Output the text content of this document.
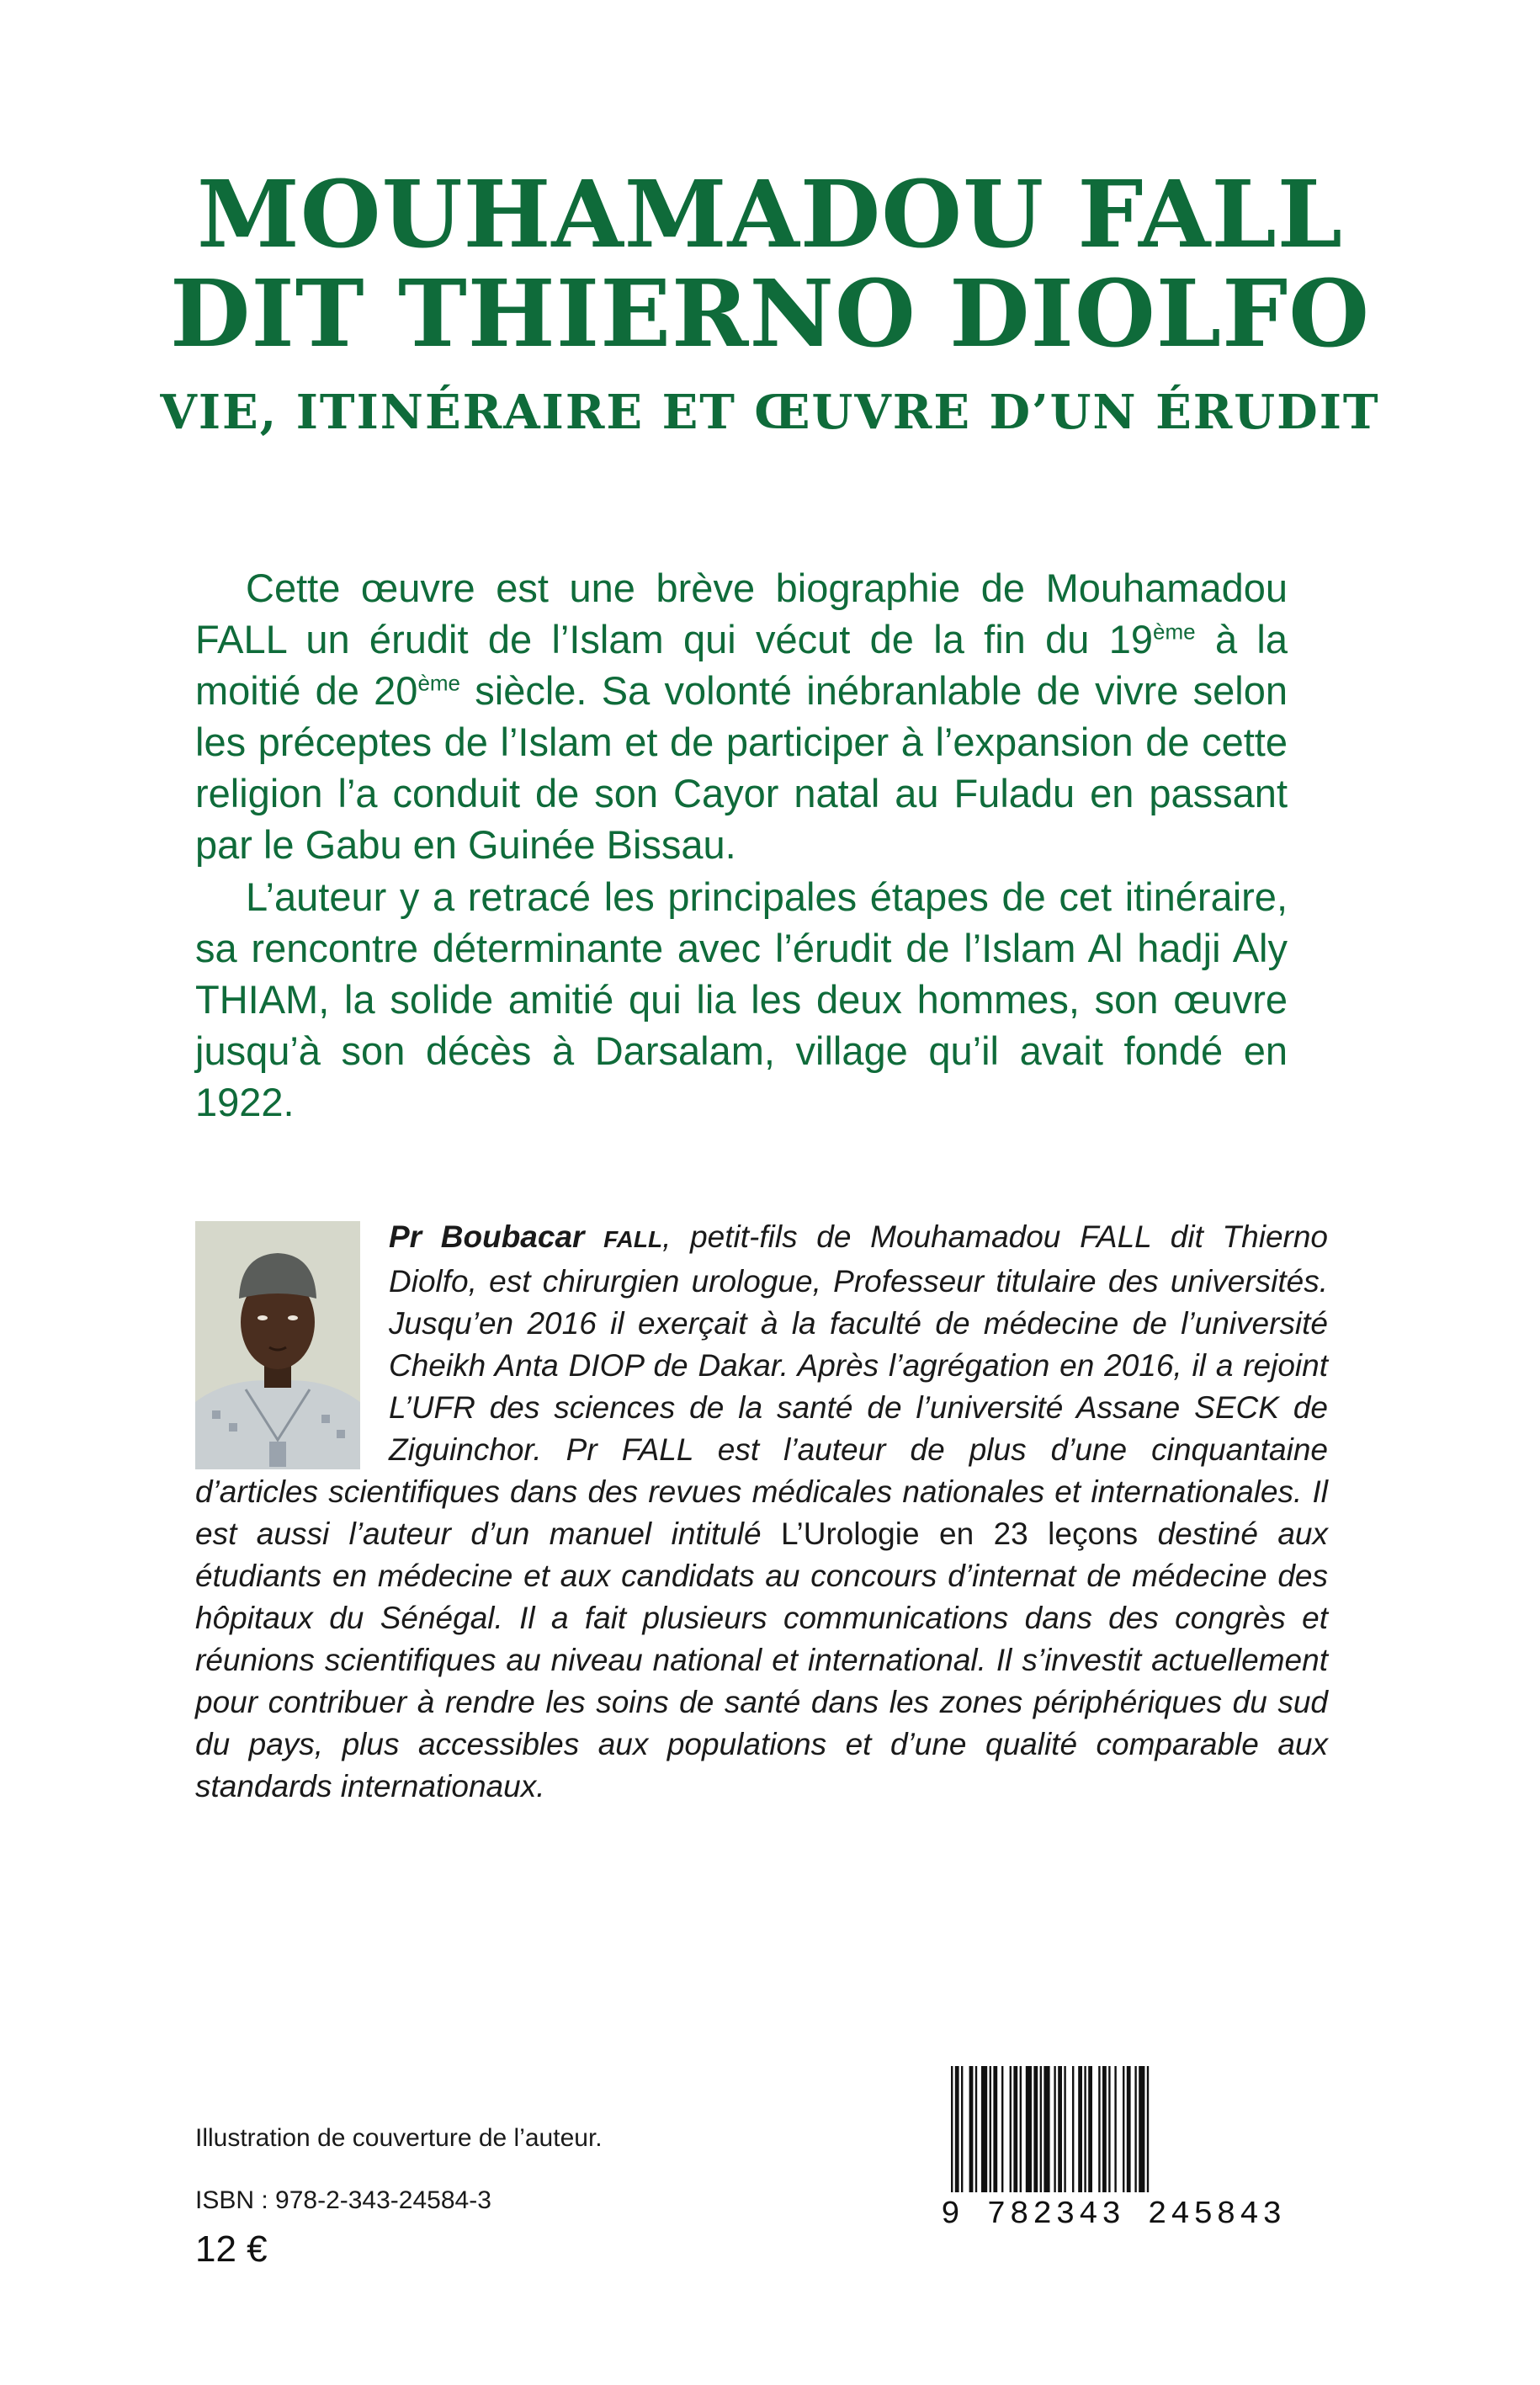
MOUHAMADOU FALL
DIT THIERNO DIOLFO
VIE, ITINÉRAIRE ET ŒUVRE D’UN ÉRUDIT

Cette œuvre est une brève biographie de Mouhamadou FALL un érudit de l’Islam qui vécut de la fin du 19ème à la moitié de 20ème siècle. Sa volonté inébranlable de vivre selon les préceptes de l’Islam et de participer à l’expansion de cette religion l’a conduit de son Cayor natal au Fuladu en passant par le Gabu en Guinée Bissau.

L’auteur y a retracé les principales étapes de cet itinéraire, sa rencontre déterminante avec l’érudit de l’Islam Al hadji Aly THIAM, la solide amitié qui lia les deux hommes, son œuvre jusqu’à son décès à Darsalam, village qu’il avait fondé en 1922.

Pr Boubacar FALL, petit-fils de Mouhamadou FALL dit Thierno Diolfo, est chirurgien urologue, Professeur titulaire des universités. Jusqu’en 2016 il exerçait à la faculté de médecine de l’université Cheikh Anta DIOP de Dakar. Après l’agrégation en 2016, il a rejoint L’UFR des sciences de la santé de l’université Assane SECK de Ziguinchor. Pr FALL est l’auteur de plus d’une cinquantaine d’articles scientifiques dans des revues médicales nationales et internationales. Il est aussi l’auteur d’un manuel intitulé L’Urologie en 23 leçons destiné aux étudiants en médecine et aux candidats au concours d’internat de médecine des hôpitaux du Sénégal. Il a fait plusieurs communications dans des congrès et réunions scientifiques au niveau national et international. Il s’investit actuellement pour contribuer à rendre les soins de santé dans les zones périphériques du sud du pays, plus accessibles aux populations et d’une qualité comparable aux standards internationaux.

Illustration de couverture de l’auteur.
ISBN : 978-2-343-24584-3
12 €
9 782343 245843
